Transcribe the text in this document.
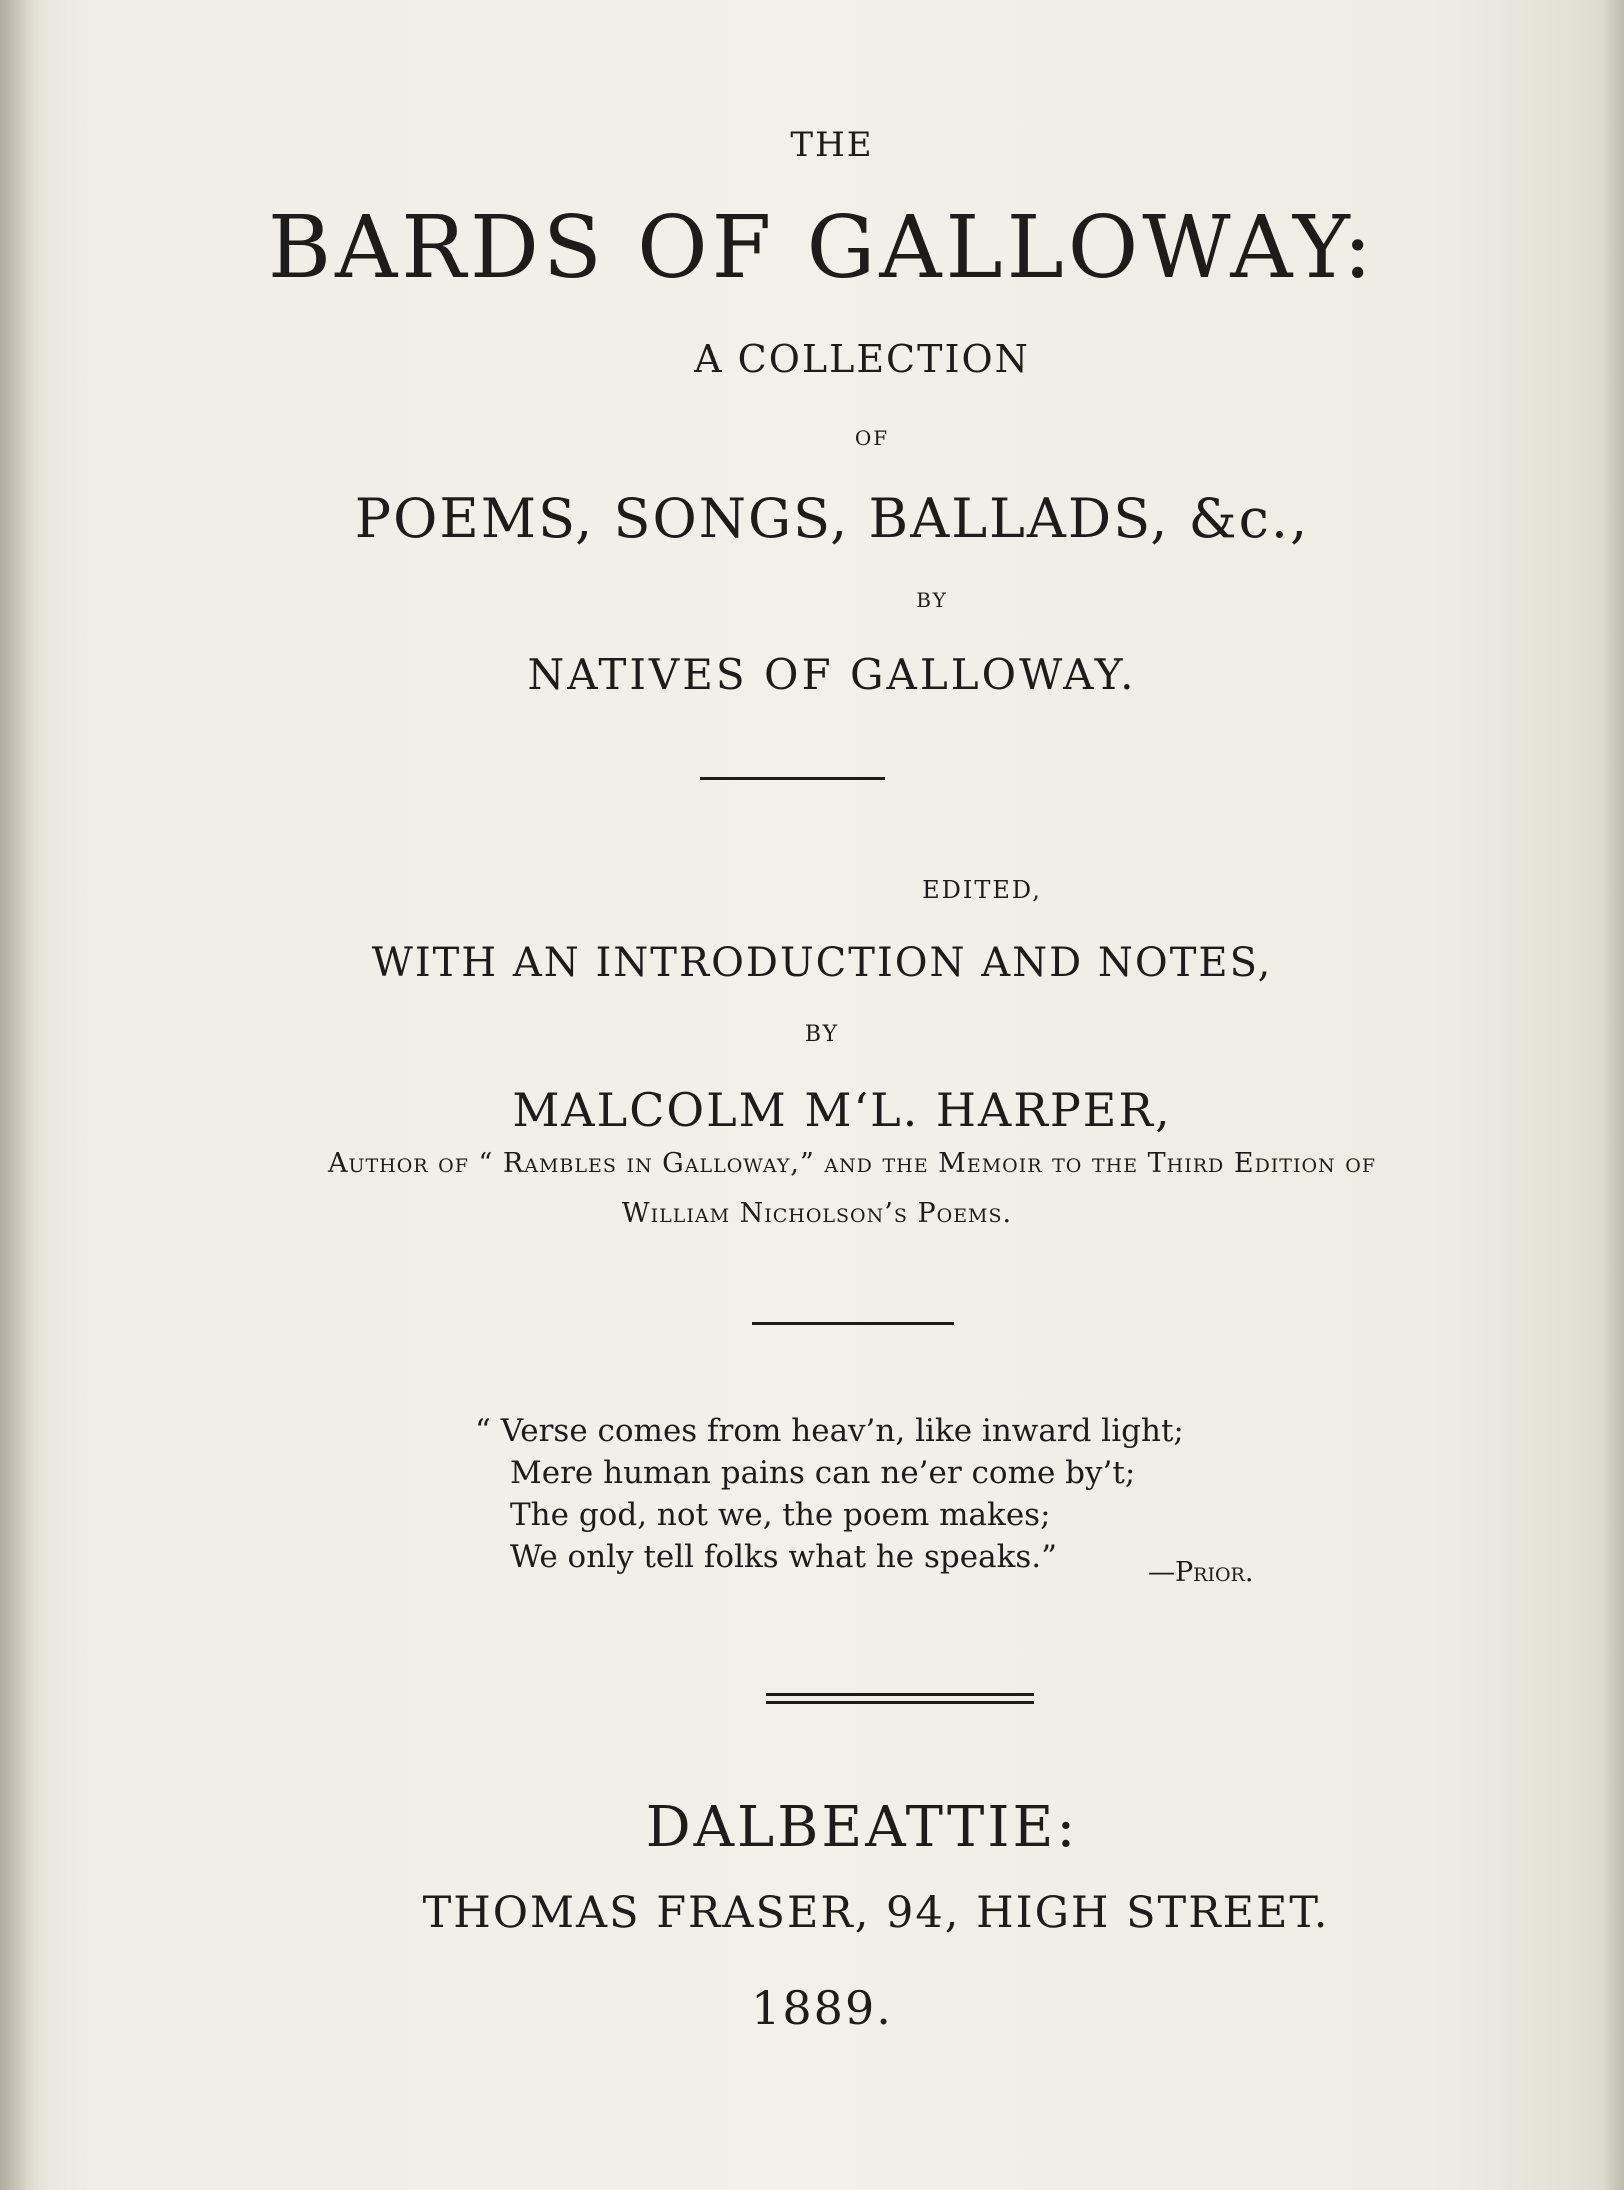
THE
BARDS OF GALLOWAY:
A COLLECTION
OF
POEMS, SONGS, BALLADS, &c.,
BY
NATIVES OF GALLOWAY.
EDITED,
WITH AN INTRODUCTION AND NOTES,
BY
MALCOLM M‘L. HARPER,
Author of “ Rambles in Galloway,” and the Memoir to the Third Edition of
William Nicholson’s Poems.
“ Verse comes from heav’n, like inward light;
Mere human pains can ne’er come by’t;
The god, not we, the poem makes;
We only tell folks what he speaks.”	—Prior.
DALBEATTIE:
THOMAS FRASER, 94, HIGH STREET.
1889.
